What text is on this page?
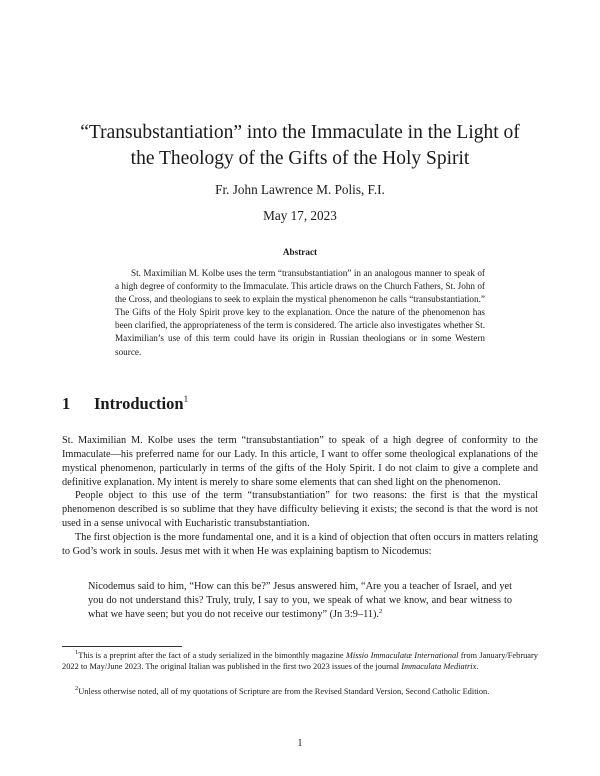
“Transubstantiation” into the Immaculate in the Light of
the Theology of the Gifts of the Holy Spirit
Fr. John Lawrence M. Polis, F.I.
May 17, 2023
Abstract

St. Maximilian M. Kolbe uses the term “transubstantiation” in an analogous manner to speak of a high degree of conformity to the Immaculate. This article draws on the Church Fathers, St. John of the Cross, and theologians to seek to explain the mystical phenomenon he calls “transubstantiation.” The Gifts of the Holy Spirit prove key to the explanation. Once the nature of the phenomenon has been clarified, the appropriateness of the term is considered. The article also investigates whether St. Maximilian’s use of this term could have its origin in Russian theologians or in some Western source.

1 Introduction$^1$

St. Maximilian M. Kolbe uses the term “transubstantiation” to speak of a high degree of conformity to the Immaculate—his preferred name for our Lady. In this article, I want to offer some theological explanations of the mystical phenomenon, particularly in terms of the gifts of the Holy Spirit. I do not claim to give a complete and definitive explanation. My intent is merely to share some elements that can shed light on the phenomenon.

People object to this use of the term “transubstantiation” for two reasons: the first is that the mystical phenomenon described is so sublime that they have difficulty believing it exists; the second is that the word is not used in a sense univocal with Eucharistic transubstantiation.

The first objection is the more fundamental one, and it is a kind of objection that often occurs in matters relating to God’s work in souls. Jesus met with it when He was explaining baptism to Nicodemus:

Nicodemus said to him, “How can this be?” Jesus answered him, “Are you a teacher of Israel, and yet you do not understand this? Truly, truly, I say to you, we speak of what we know, and bear witness to what we have seen; but you do not receive our testimony” (Jn 3:9–11).$^2$

$^1$This is a preprint after the fact of a study serialized in the bimonthly magazine Missio Immaculatæ International from January/February 2022 to May/June 2023. The original Italian was published in the first two 2023 issues of the journal Immaculata Mediatrix.

$^2$Unless otherwise noted, all of my quotations of Scripture are from the Revised Standard Version, Second Catholic Edition.

1
